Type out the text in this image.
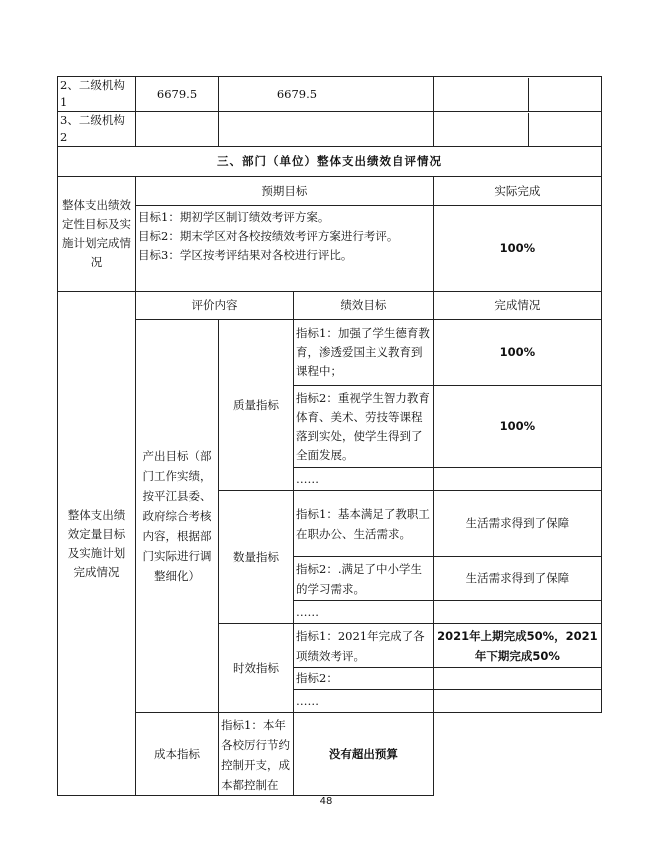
2、二级机构 1	6679.5	6679.5		

3、二级机构 2				

三、部门（单位）整体支出绩效自评情况				
整体支出绩效定性目标及实施计划完成情况	预期目标			实际完成

	目标1：期初学区制订绩效考评方案。
目标2：期末学区对各校按绩效考评方案进行考评。
目标3：学区按考评结果对各校进行评比。			100%
整体支出绩效定量目标及实施计划完成情况	评价内容		绩效目标	完成情况
	产出目标（部门工作实绩，按平江县委、政府综合考核内容，根据部门实际进行调整细化）	质量指标	指标1：加强了学生德育教育，渗透爱国主义教育到课程中；	100%
			指标2：重视学生智力教育体育、美术、劳技等课程落到实处，使学生得到了全面发展。	100%
			……	
		数量指标	指标1：基本满足了教职工在职办公、生活需求。	生活需求得到了保障
			指标2：.满足了中小学生的学习需求。	生活需求得到了保障
			……	
		时效指标	指标1：2021年完成了各项绩效考评。	2021年上期完成50%，2021年下期完成50%
			指标2：	
			……	
	成本指标	指标1：本年各校厉行节约控制开支，成本都控制在	没有超出预算	
48
